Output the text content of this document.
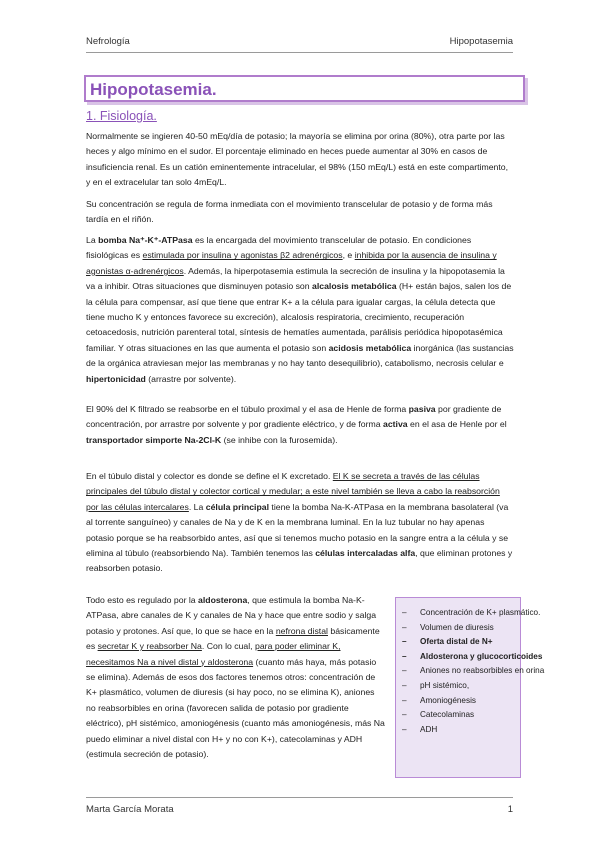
Nefrología	Hipopotasemia
Hipopotasemia.
1. Fisiología.

Normalmente se ingieren 40-50 mEq/día de potasio; la mayoría se elimina por orina (80%), otra parte por las heces y algo mínimo en el sudor. El porcentaje eliminado en heces puede aumentar al 30% en casos de insuficiencia renal. Es un catión eminentemente intracelular, el 98% (150 mEq/L) está en este compartimento, y en el extracelular tan solo 4mEq/L.

Su concentración se regula de forma inmediata con el movimiento transcelular de potasio y de forma más tardía en el riñón.

La bomba Na⁺-K⁺-ATPasa es la encargada del movimiento transcelular de potasio. En condiciones fisiológicas es estimulada por insulina y agonistas β2 adrenérgicos, e inhibida por la ausencia de insulina y agonistas α-adrenérgicos. Además, la hiperpotasemia estimula la secreción de insulina y la hipopotasemia la va a inhibir. Otras situaciones que disminuyen potasio son alcalosis metabólica (H+ están bajos, salen los de la célula para compensar, así que tiene que entrar K+ a la célula para igualar cargas, la célula detecta que tiene mucho K y entonces favorece su excreción), alcalosis respiratoria, crecimiento, recuperación cetoacedosis, nutrición parenteral total, síntesis de hematíes aumentada, parálisis periódica hipopotasémica familiar. Y otras situaciones en las que aumenta el potasio son acidosis metabólica inorgánica (las sustancias de la orgánica atraviesan mejor las membranas y no hay tanto desequilibrio), catabolismo, necrosis celular e hipertonicidad (arrastre por solvente).

El 90% del K filtrado se reabsorbe en el túbulo proximal y el asa de Henle de forma pasiva por gradiente de concentración, por arrastre por solvente y por gradiente eléctrico, y de forma activa en el asa de Henle por el transportador simporte Na-2Cl-K (se inhibe con la furosemida).

En el túbulo distal y colector es donde se define el K excretado. El K se secreta a través de las células principales del túbulo distal y colector cortical y medular; a este nivel también se lleva a cabo la reabsorción por las células intercalares. La célula principal tiene la bomba Na-K-ATPasa en la membrana basolateral (va al torrente sanguíneo) y canales de Na y de K en la membrana luminal. En la luz tubular no hay apenas potasio porque se ha reabsorbido antes, así que si tenemos mucho potasio en la sangre entra a la célula y se elimina al túbulo (reabsorbiendo Na). También tenemos las células intercaladas alfa, que eliminan protones y reabsorben potasio.

Todo esto es regulado por la aldosterona, que estimula la bomba Na-K-ATPasa, abre canales de K y canales de Na y hace que entre sodio y salga potasio y protones. Así que, lo que se hace en la nefrona distal básicamente es secretar K y reabsorber Na. Con lo cual, para poder eliminar K, necesitamos Na a nivel distal y aldosterona (cuanto más haya, más potasio se elimina). Además de esos dos factores tenemos otros: concentración de K+ plasmático, volumen de diuresis (si hay poco, no se elimina K), aniones no reabsorbibles en orina (favorecen salida de potasio por gradiente eléctrico), pH sistémico, amoniogénesis (cuanto más amoniogénesis, más Na puedo eliminar a nivel distal con H+ y no con K+), catecolaminas y ADH (estimula secreción de potasio).

– Concentración de K+ plasmático.
– Volumen de diuresis
– Oferta distal de N+
– Aldosterona y glucocorticoides
– Aniones no reabsorbibles en orina
– pH sistémico,
– Amoniogénesis
– Catecolaminas
– ADH
Marta García Morata	1
